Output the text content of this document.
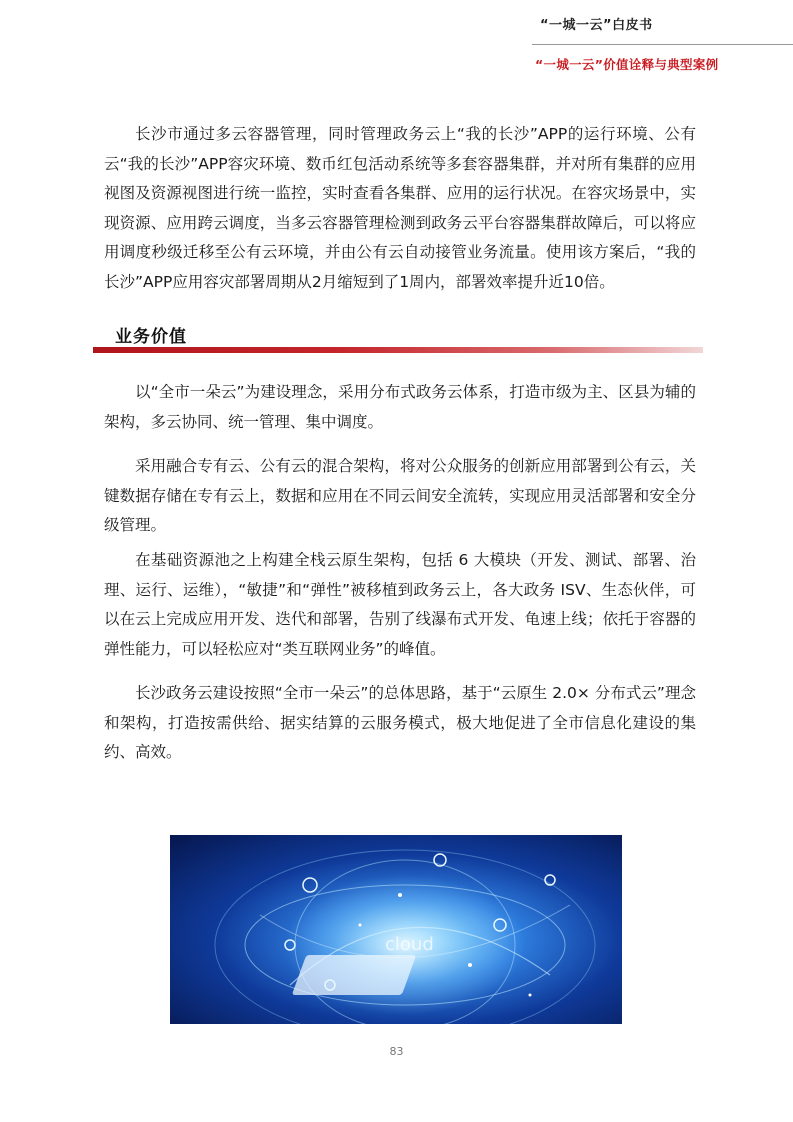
“一城一云”白皮书
“一城一云”价值诠释与典型案例

长沙市通过多云容器管理，同时管理政务云上“我的长沙”APP的运行环境、公有云“我的长沙”APP容灾环境、数币红包活动系统等多套容器集群，并对所有集群的应用视图及资源视图进行统一监控，实时查看各集群、应用的运行状况。在容灾场景中，实现资源、应用跨云调度，当多云容器管理检测到政务云平台容器集群故障后，可以将应用调度秒级迁移至公有云环境，并由公有云自动接管业务流量。使用该方案后，“我的长沙”APP应用容灾部署周期从2月缩短到了1周内，部署效率提升近10倍。

业务价值

以“全市一朵云”为建设理念，采用分布式政务云体系，打造市级为主、区县为辅的架构，多云协同、统一管理、集中调度。

采用融合专有云、公有云的混合架构，将对公众服务的创新应用部署到公有云，关键数据存储在专有云上，数据和应用在不同云间安全流转，实现应用灵活部署和安全分级管理。

在基础资源池之上构建全栈云原生架构，包括 6 大模块（开发、测试、部署、治理、运行、运维），“敏捷”和“弹性”被移植到政务云上，各大政务 ISV、生态伙伴，可以在云上完成应用开发、迭代和部署，告别了线瀑布式开发、龟速上线；依托于容器的弹性能力，可以轻松应对“类互联网业务”的峰值。

长沙政务云建设按照“全市一朵云”的总体思路，基于“云原生 2.0× 分布式云”理念和架构，打造按需供给、据实结算的云服务模式，极大地促进了全市信息化建设的集约、高效。

cloud
83
